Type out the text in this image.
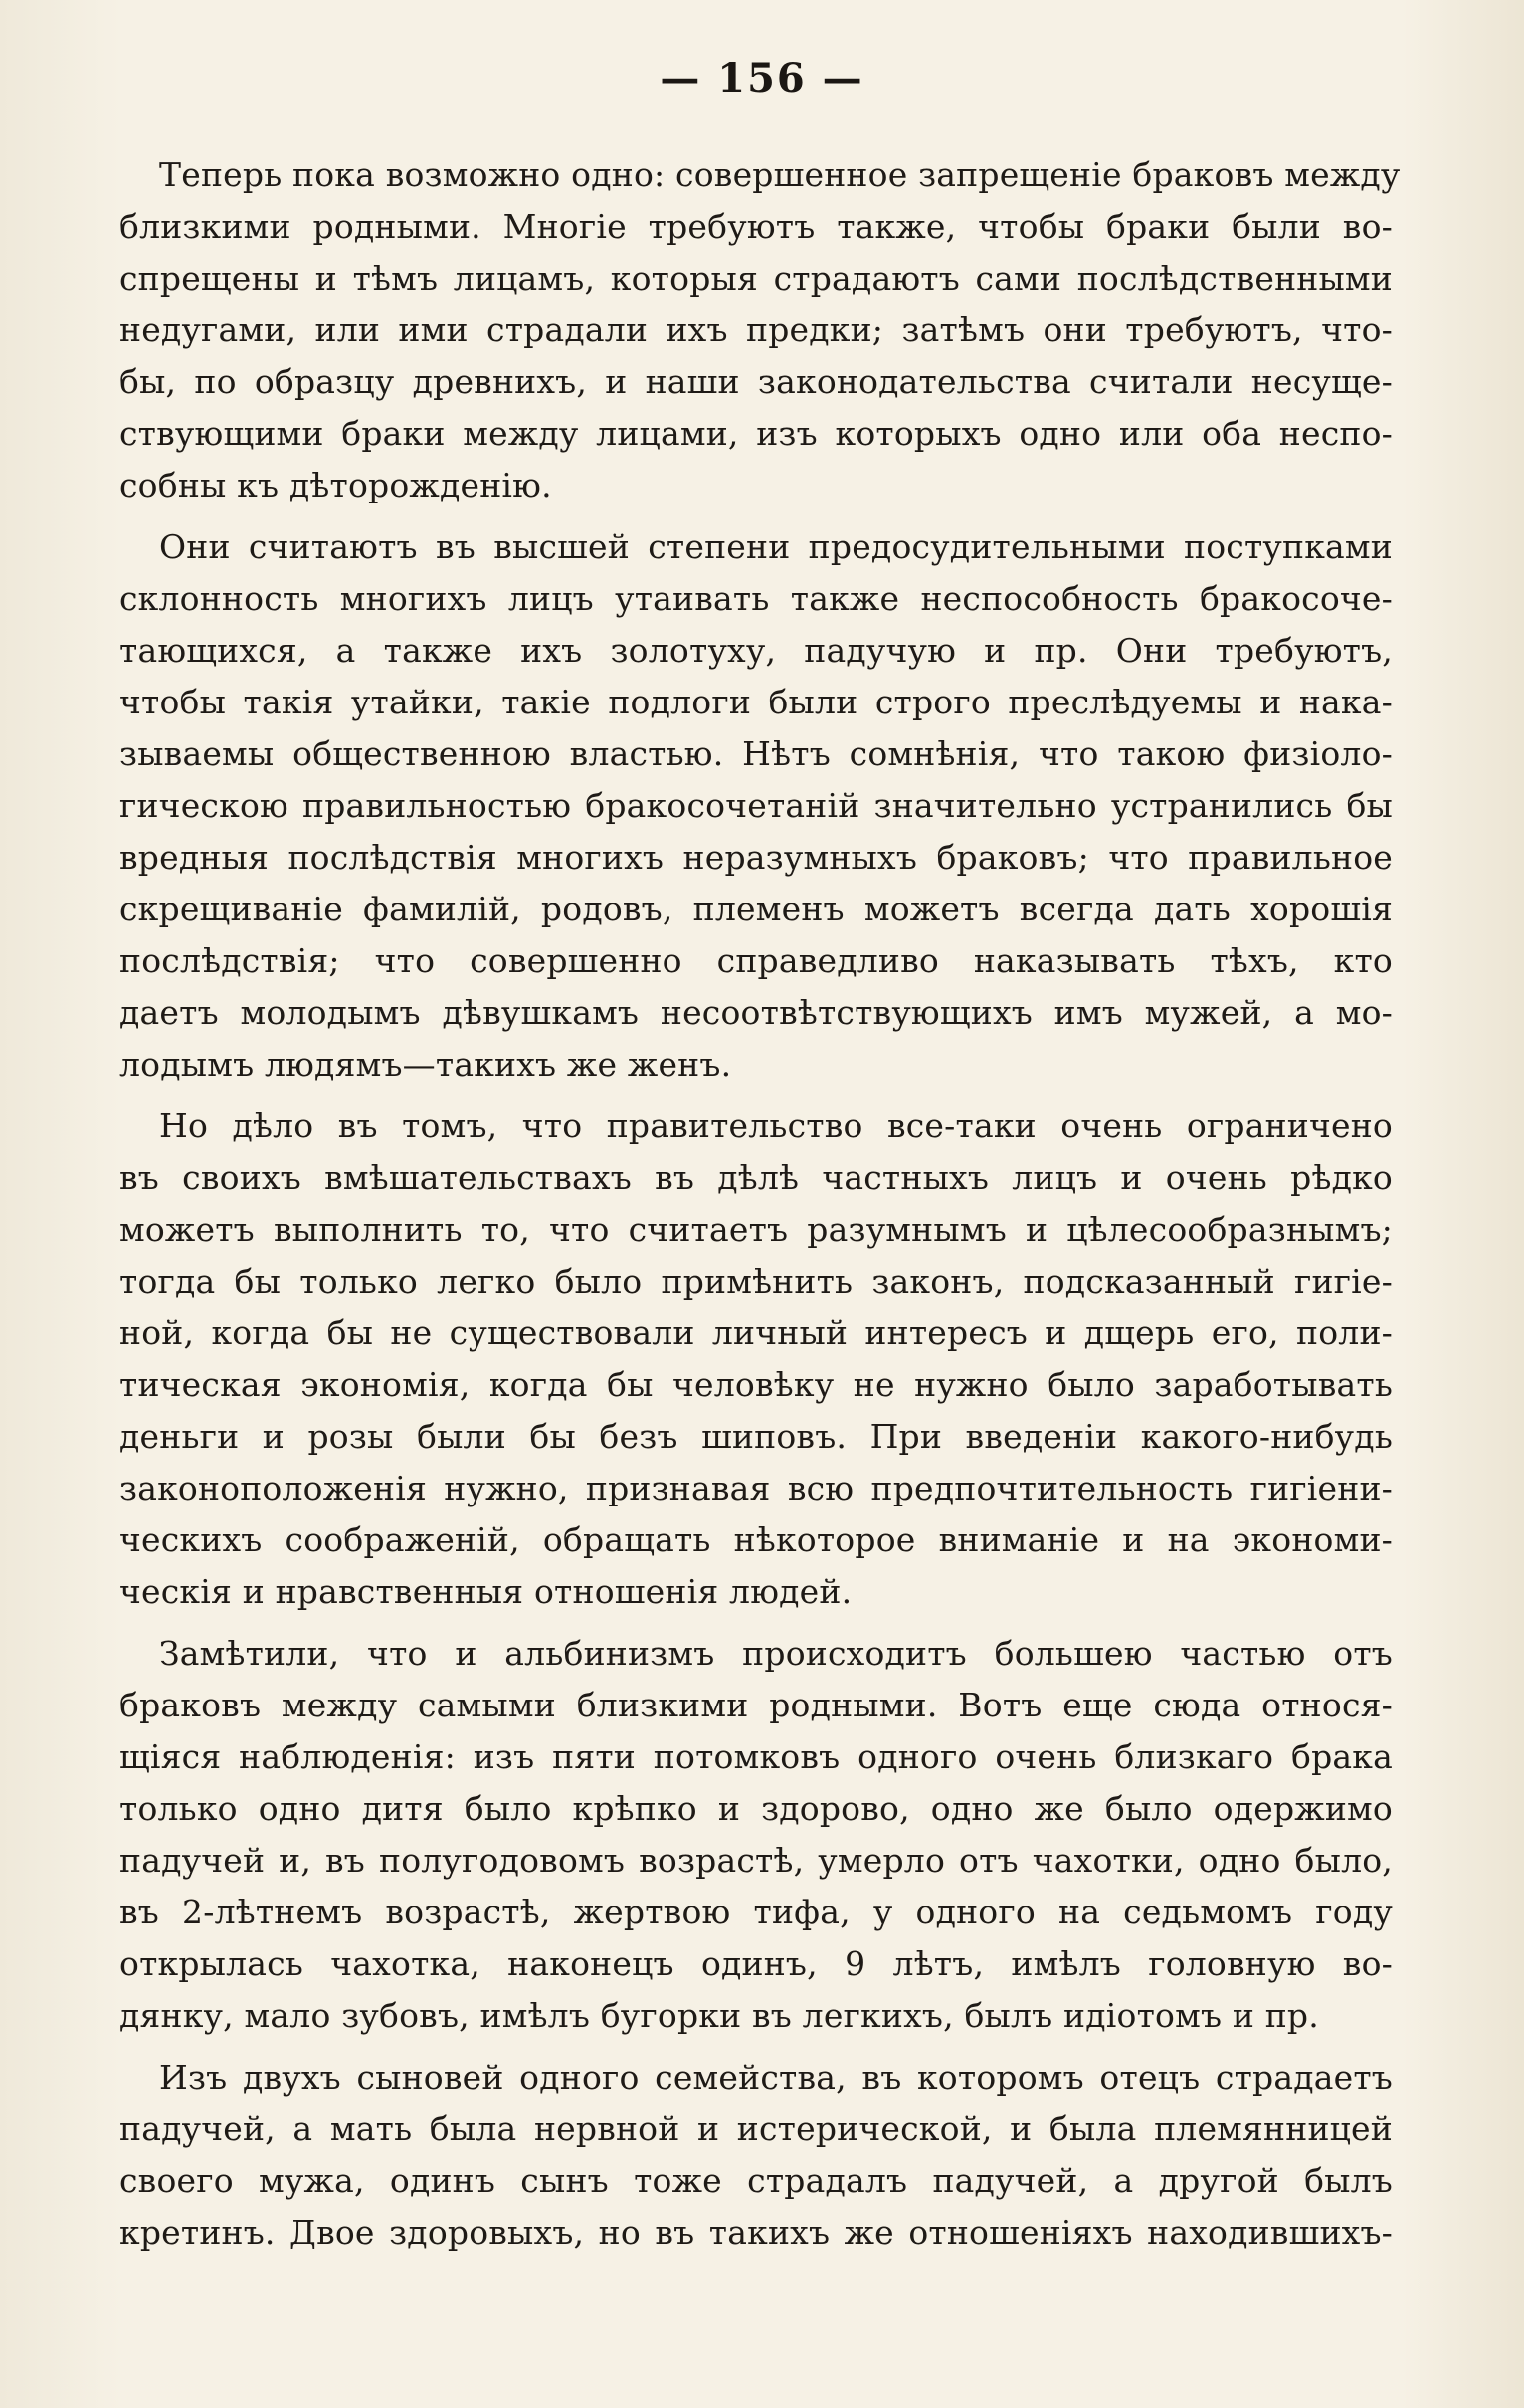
— 156 —
Теперь пока возможно одно: совершенное запрещеніе браковъ между
близкими родными. Многіе требуютъ также, чтобы браки были во-
спрещены и тѣмъ лицамъ, которыя страдаютъ сами послѣдственными
недугами, или ими страдали ихъ предки; затѣмъ они требуютъ, что-
бы, по образцу древнихъ, и наши законодательства считали несуще-
ствующими браки между лицами, изъ которыхъ одно или оба неспо-
собны къ дѣторожденію.
Они считаютъ въ высшей степени предосудительными поступками
склонность многихъ лицъ утаивать также неспособность бракосоче-
тающихся, а также ихъ золотуху, падучую и пр. Они требуютъ,
чтобы такія утайки, такіе подлоги были строго преслѣдуемы и нака-
зываемы общественною властью. Нѣтъ сомнѣнія, что такою физіоло-
гическою правильностью бракосочетаній значительно устранились бы
вредныя послѣдствія многихъ неразумныхъ браковъ; что правильное
скрещиваніе фамилій, родовъ, племенъ можетъ всегда дать хорошія
послѣдствія; что совершенно справедливо наказывать тѣхъ, кто
даетъ молодымъ дѣвушкамъ несоотвѣтствующихъ имъ мужей, а мо-
лодымъ людямъ—такихъ же женъ.
Но дѣло въ томъ, что правительство все-таки очень ограничено
въ своихъ вмѣшательствахъ въ дѣлѣ частныхъ лицъ и очень рѣдко
можетъ выполнить то, что считаетъ разумнымъ и цѣлесообразнымъ;
тогда бы только легко было примѣнить законъ, подсказанный гигіе-
ной, когда бы не существовали личный интересъ и дщерь его, поли-
тическая экономія, когда бы человѣку не нужно было заработывать
деньги и розы были бы безъ шиповъ. При введеніи какого-нибудь
законоположенія нужно, признавая всю предпочтительность гигіени-
ческихъ соображеній, обращать нѣкоторое вниманіе и на экономи-
ческія и нравственныя отношенія людей.
Замѣтили, что и альбинизмъ происходитъ большею частью отъ
браковъ между самыми близкими родными. Вотъ еще сюда относя-
щіяся наблюденія: изъ пяти потомковъ одного очень близкаго брака
только одно дитя было крѣпко и здорово, одно же было одержимо
падучей и, въ полугодовомъ возрастѣ, умерло отъ чахотки, одно было,
въ 2-лѣтнемъ возрастѣ, жертвою тифа, у одного на седьмомъ году
открылась чахотка, наконецъ одинъ, 9 лѣтъ, имѣлъ головную во-
дянку, мало зубовъ, имѣлъ бугорки въ легкихъ, былъ идіотомъ и пр.
Изъ двухъ сыновей одного семейства, въ которомъ отецъ страдаетъ
падучей, а мать была нервной и истерической, и была племянницей
своего мужа, одинъ сынъ тоже страдалъ падучей, а другой былъ
кретинъ. Двое здоровыхъ, но въ такихъ же отношеніяхъ находившихъ-
